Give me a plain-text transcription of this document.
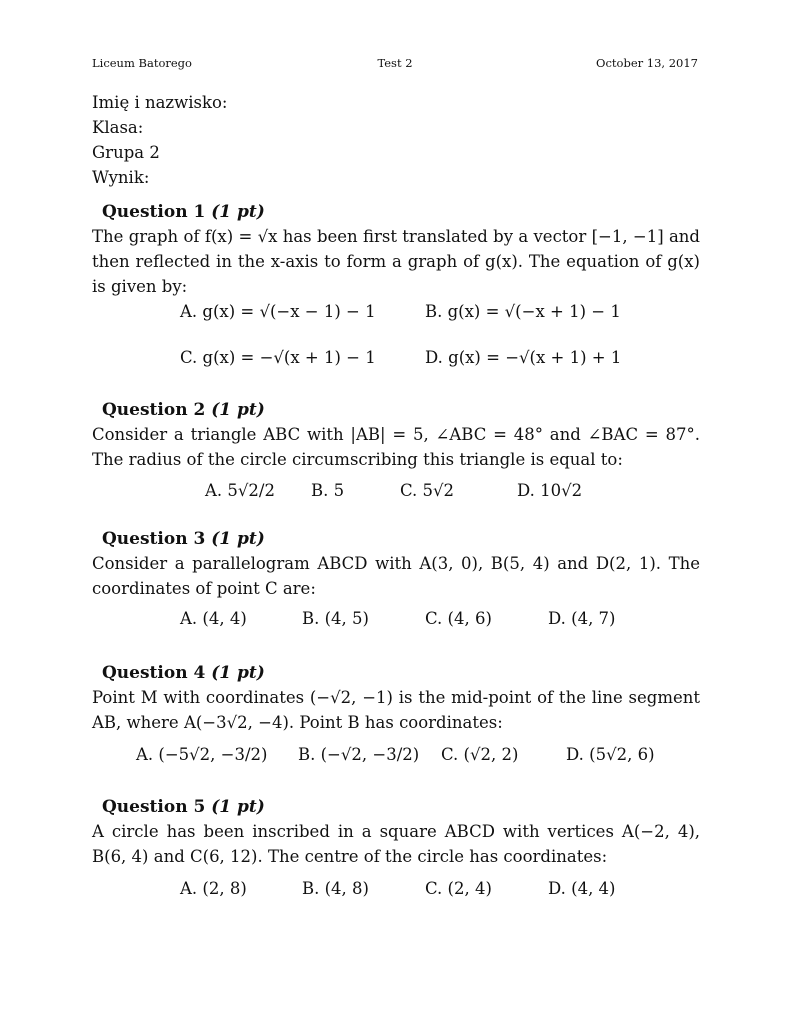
Liceum Batorego	Test 2	October 13, 2017
Imię i nazwisko:
Klasa:
Grupa 2
Wynik:
Question 1 (1 pt)
The graph of f(x) = √x has been first translated by a vector [−1, −1] and then reflected in the x-axis to form a graph of g(x). The equation of g(x) is given by:
A. g(x) = √(−x − 1) − 1	B. g(x) = √(−x + 1) − 1
C. g(x) = −√(x + 1) − 1	D. g(x) = −√(x + 1) + 1
Question 2 (1 pt)
Consider a triangle ABC with |AB| = 5, ∠ABC = 48° and ∠BAC = 87°. The radius of the circle circumscribing this triangle is equal to:
A. 5√2/2 B. 5	C. 5√2	D. 10√2
Question 3 (1 pt)
Consider a parallelogram ABCD with A(3, 0), B(5, 4) and D(2, 1). The coordinates of point C are:
A. (4, 4)	B. (4, 5)	C. (4, 6)	D. (4, 7)
Question 4 (1 pt)
Point M with coordinates (−√2, −1) is the mid-point of the line segment AB, where A(−3√2, −4). Point B has coordinates:
A. (−5√2, −3/2) B. (−√2, −3/2) C. (√2, 2)	D. (5√2, 6)
Question 5 (1 pt)
A circle has been inscribed in a square ABCD with vertices A(−2, 4), B(6, 4) and C(6, 12). The centre of the circle has coordinates:
A. (2, 8)	B. (4, 8)	C. (2, 4)	D. (4, 4)
